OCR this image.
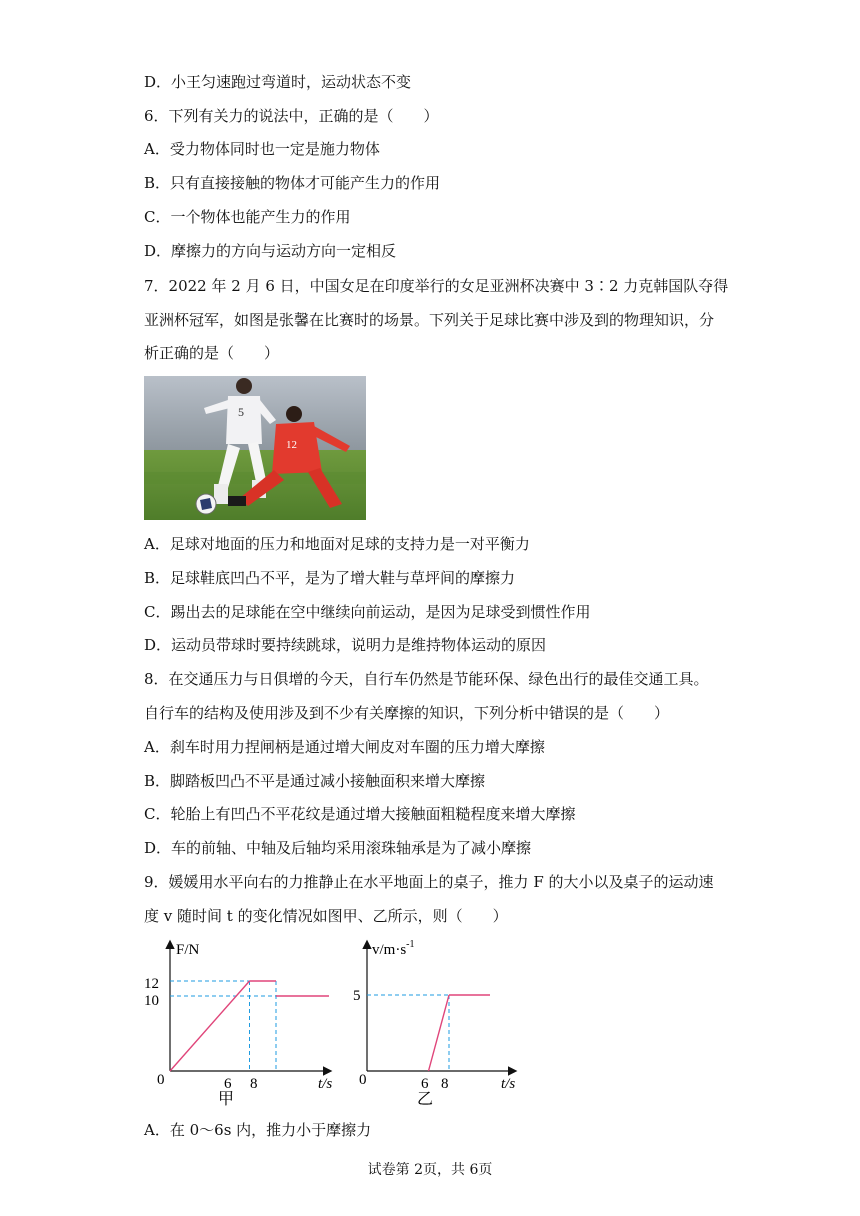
D．小王匀速跑过弯道时，运动状态不变
6．下列有关力的说法中，正确的是（　　）
A．受力物体同时也一定是施力物体
B．只有直接接触的物体才可能产生力的作用
C．一个物体也能产生力的作用
D．摩擦力的方向与运动方向一定相反
7．2022 年 2 月 6 日，中国女足在印度举行的女足亚洲杯决赛中 3∶2 力克韩国队夺得
亚洲杯冠军，如图是张馨在比赛时的场景。下列关于足球比赛中涉及到的物理知识，分
析正确的是（　　）
5
12
A．足球对地面的压力和地面对足球的支持力是一对平衡力
B．足球鞋底凹凸不平，是为了增大鞋与草坪间的摩擦力
C．踢出去的足球能在空中继续向前运动，是因为足球受到惯性作用
D．运动员带球时要持续跳球，说明力是维持物体运动的原因
8．在交通压力与日俱增的今天，自行车仍然是节能环保、绿色出行的最佳交通工具。
自行车的结构及使用涉及到不少有关摩擦的知识，下列分析中错误的是（　　）
A．刹车时用力捏闸柄是通过增大闸皮对车圈的压力增大摩擦
B．脚踏板凹凸不平是通过减小接触面积来增大摩擦
C．轮胎上有凹凸不平花纹是通过增大接触面粗糙程度来增大摩擦
D．车的前轴、中轴及后轴均采用滚珠轴承是为了减小摩擦
9．媛媛用水平向右的力推静止在水平地面上的桌子，推力 F 的大小以及桌子的运动速
度 v 随时间 t 的变化情况如图甲、乙所示，则（　　）
F/N
12
10
0	6 8	t/s
甲
$v/m\cdot s^{-1}$
5
0	6 8	t/s
乙
A．在 0～6s 内，推力小于摩擦力
试卷第 2页，共 6页
